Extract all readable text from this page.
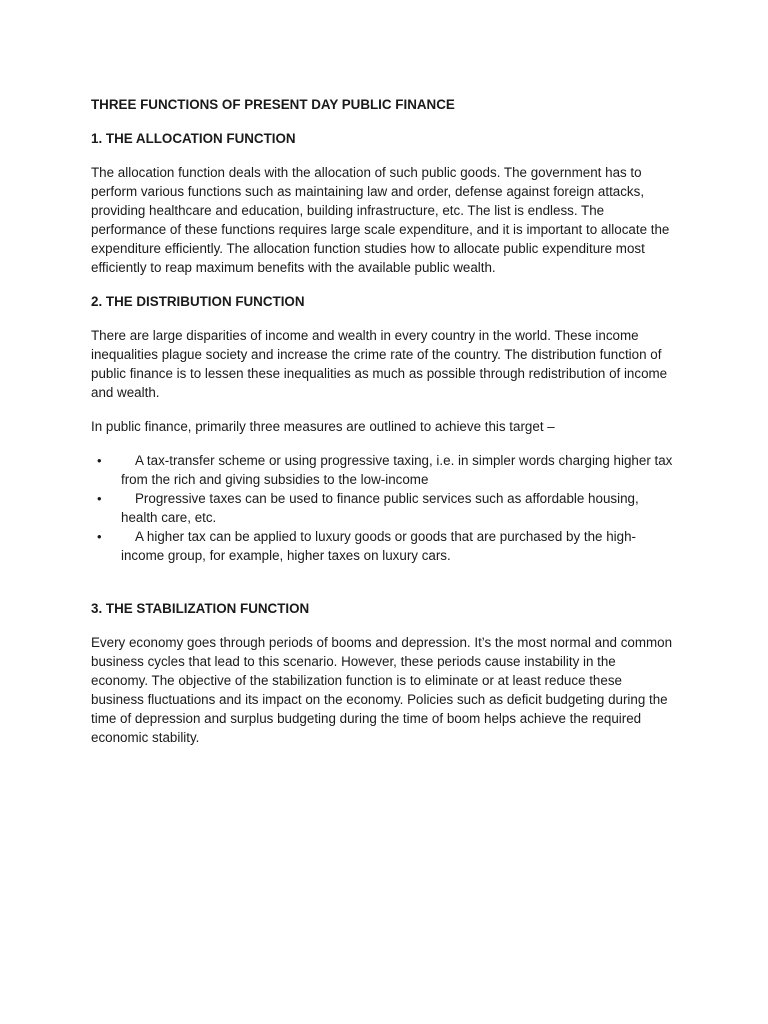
THREE FUNCTIONS OF PRESENT DAY PUBLIC FINANCE

1. THE ALLOCATION FUNCTION

The allocation function deals with the allocation of such public goods. The government has to perform various functions such as maintaining law and order, defense against foreign attacks, providing healthcare and education, building infrastructure, etc. The list is endless. The performance of these functions requires large scale expenditure, and it is important to allocate the expenditure efficiently. The allocation function studies how to allocate public expenditure most efficiently to reap maximum benefits with the available public wealth.

2. THE DISTRIBUTION FUNCTION

There are large disparities of income and wealth in every country in the world. These income inequalities plague society and increase the crime rate of the country. The distribution function of public finance is to lessen these inequalities as much as possible through redistribution of income and wealth.

In public finance, primarily three measures are outlined to achieve this target –

• A tax-transfer scheme or using progressive taxing, i.e. in simpler words charging higher tax from the rich and giving subsidies to the low-income
• Progressive taxes can be used to finance public services such as affordable housing, health care, etc.
• A higher tax can be applied to luxury goods or goods that are purchased by the high-income group, for example, higher taxes on luxury cars.

3. THE STABILIZATION FUNCTION

Every economy goes through periods of booms and depression. It’s the most normal and common business cycles that lead to this scenario. However, these periods cause instability in the economy. The objective of the stabilization function is to eliminate or at least reduce these business fluctuations and its impact on the economy. Policies such as deficit budgeting during the time of depression and surplus budgeting during the time of boom helps achieve the required economic stability.
